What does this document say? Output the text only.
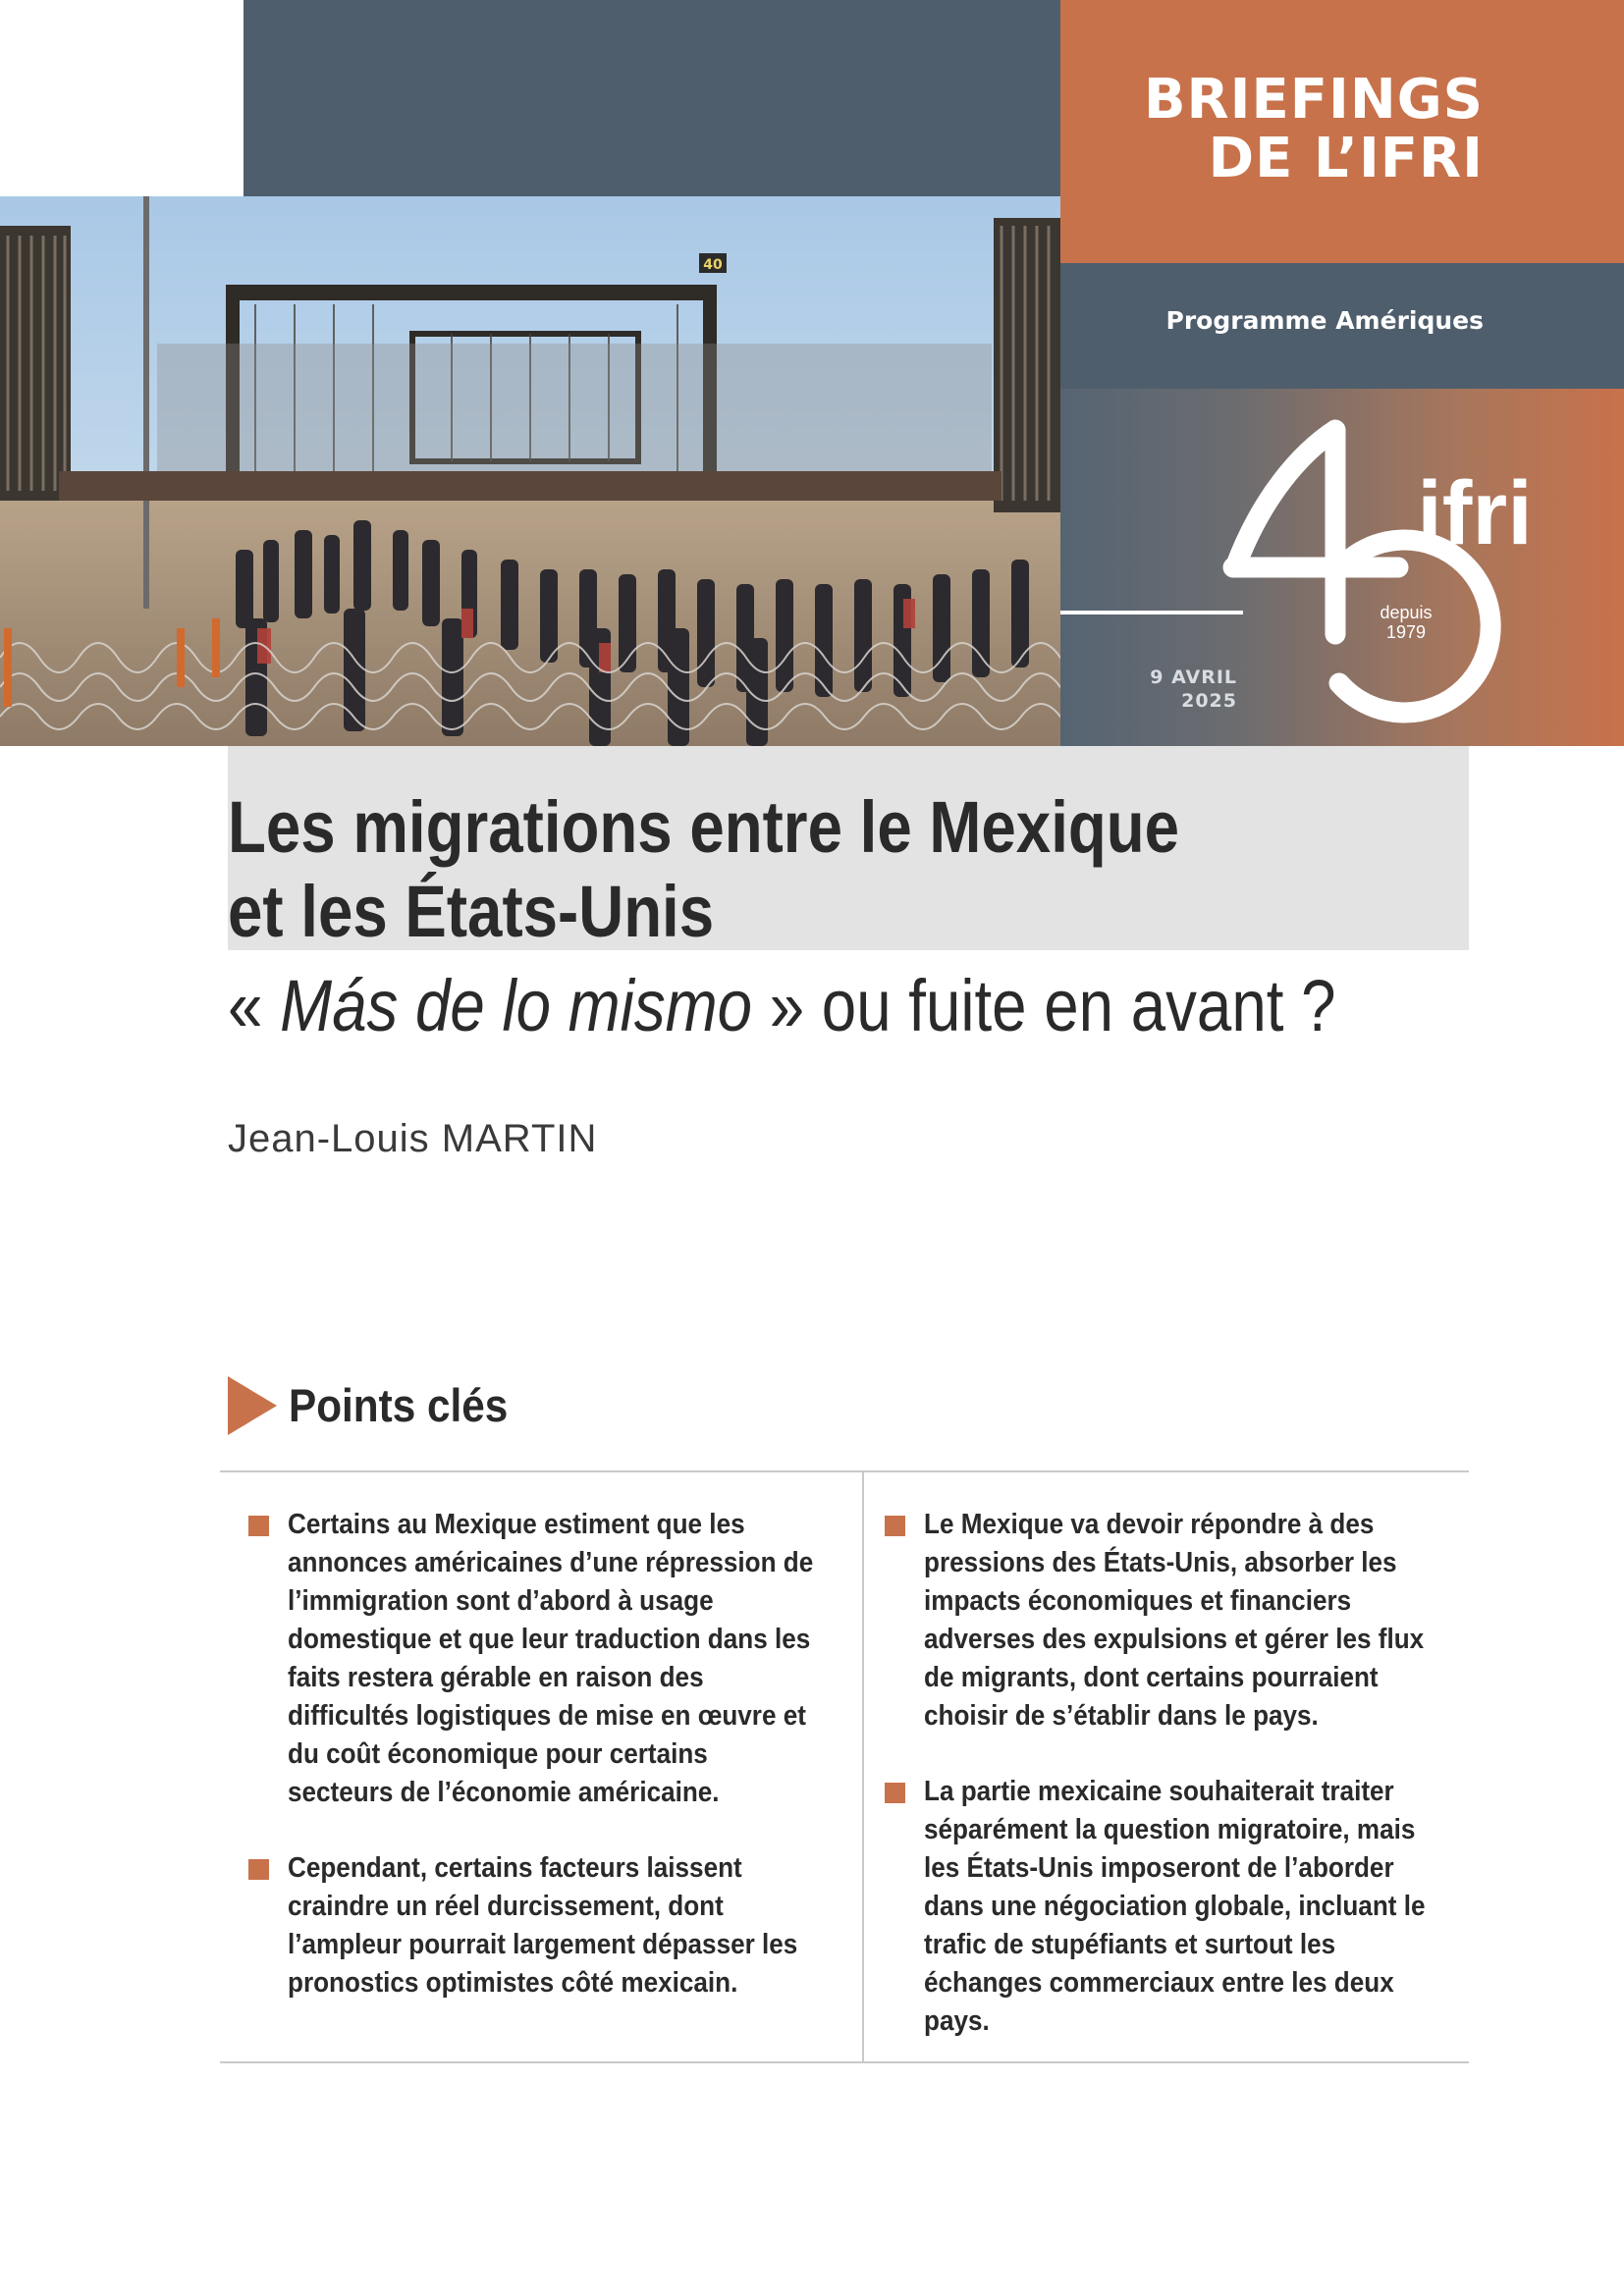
BRIEFINGS
DE L’IFRI
Programme Amériques
ifri
depuis
1979
9 AVRIL
2025
40
Les migrations entre le Mexique
et les États-Unis
« Más de lo mismo » ou fuite en avant ?
Jean-Louis MARTIN
Points clés
Certains au Mexique estiment que les annonces américaines d’une répression de l’immigration sont d’abord à usage domestique et que leur traduction dans les faits restera gérable en raison des difficultés logistiques de mise en œuvre et du coût économique pour certains secteurs de l’économie américaine.
Cependant, certains facteurs laissent craindre un réel durcissement, dont l’ampleur pourrait largement dépasser les pronostics optimistes côté mexicain.
Le Mexique va devoir répondre à des pressions des États-Unis, absorber les impacts économiques et financiers adverses des expulsions et gérer les flux de migrants, dont certains pourraient choisir de s’établir dans le pays.
La partie mexicaine souhaiterait traiter séparément la question migratoire, mais les États-Unis imposeront de l’aborder dans une négociation globale, incluant le trafic de stupéfiants et surtout les échanges commerciaux entre les deux pays.
